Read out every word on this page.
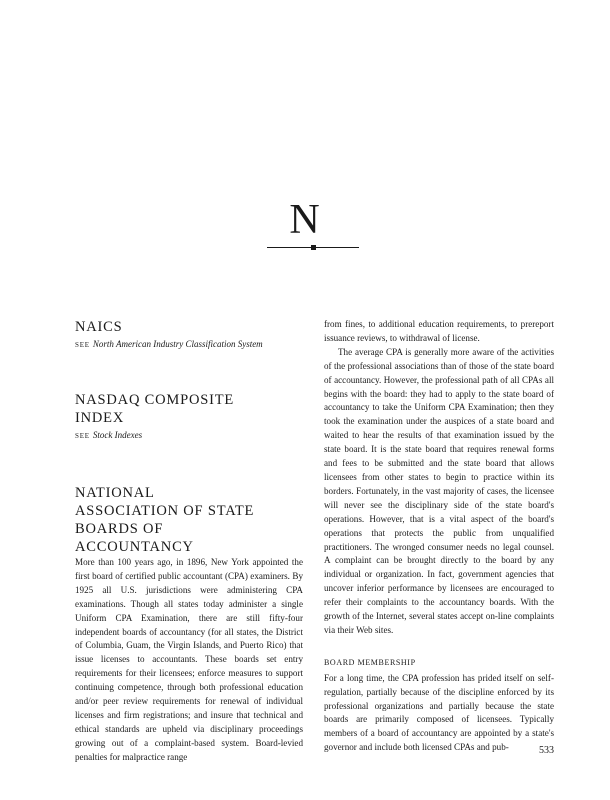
N
NAICS

SEE North American Industry Classification System

NASDAQ COMPOSITE
INDEX

SEE Stock Indexes

NATIONAL
ASSOCIATION OF STATE
BOARDS OF
ACCOUNTANCY

More than 100 years ago, in 1896, New York appointed the first board of certified public accountant (CPA) examiners. By 1925 all U.S. jurisdictions were administering CPA examinations. Though all states today administer a single Uniform CPA Examination, there are still fifty-four independent boards of accountancy (for all states, the District of Columbia, Guam, the Virgin Islands, and Puerto Rico) that issue licenses to accountants. These boards set entry requirements for their licensees; enforce measures to support continuing competence, through both professional education and/or peer review requirements for renewal of individual licenses and firm registrations; and insure that technical and ethical standards are upheld via disciplinary proceedings growing out of a complaint-based system. Board-levied penalties for malpractice range

from fines, to additional education requirements, to prereport issuance reviews, to withdrawal of license.

The average CPA is generally more aware of the activities of the professional associations than of those of the state board of accountancy. However, the professional path of all CPAs all begins with the board: they had to apply to the state board of accountancy to take the Uniform CPA Examination; then they took the examination under the auspices of a state board and waited to hear the results of that examination issued by the state board. It is the state board that requires renewal forms and fees to be submitted and the state board that allows licensees from other states to begin to practice within its borders. Fortunately, in the vast majority of cases, the licensee will never see the disciplinary side of the state board's operations. However, that is a vital aspect of the board's operations that protects the public from unqualified practitioners. The wronged consumer needs no legal counsel. A complaint can be brought directly to the board by any individual or organization. In fact, government agencies that uncover inferior performance by licensees are encouraged to refer their complaints to the accountancy boards. With the growth of the Internet, several states accept on-line complaints via their Web sites.

BOARD MEMBERSHIP

For a long time, the CPA profession has prided itself on self-regulation, partially because of the discipline enforced by its professional organizations and partially because the state boards are primarily composed of licensees. Typically members of a board of accountancy are appointed by a state's governor and include both licensed CPAs and pub-	533
